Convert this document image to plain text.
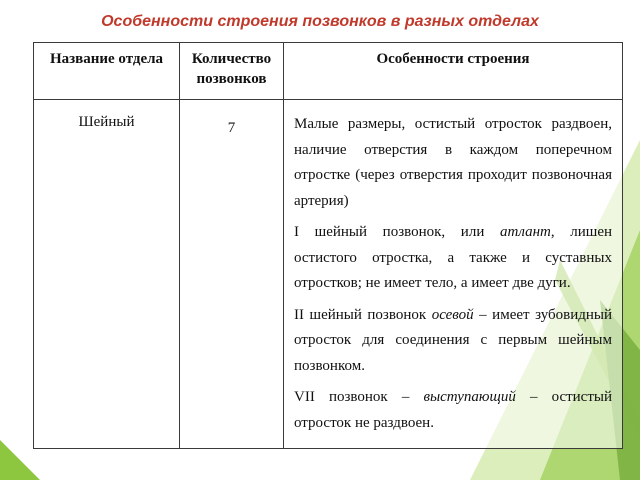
Особенности строения позвонков в разных отделах
Название отдела	Количество позвонков	Особенности строения
Шейный	7	Малые размеры, остистый отросток раздвоен, наличие отверстия в каждом поперечном отростке (через отверстия проходит позвоночная артерия)

I шейный позвонок, или атлант, лишен остистого отростка, а также и суставных отростков; не имеет тело, а имеет две дуги.

II шейный позвонок осевой – имеет зубовидный отросток для соединения с первым шейным позвонком.

VII позвонок – выступающий – остистый отросток не раздвоен.
